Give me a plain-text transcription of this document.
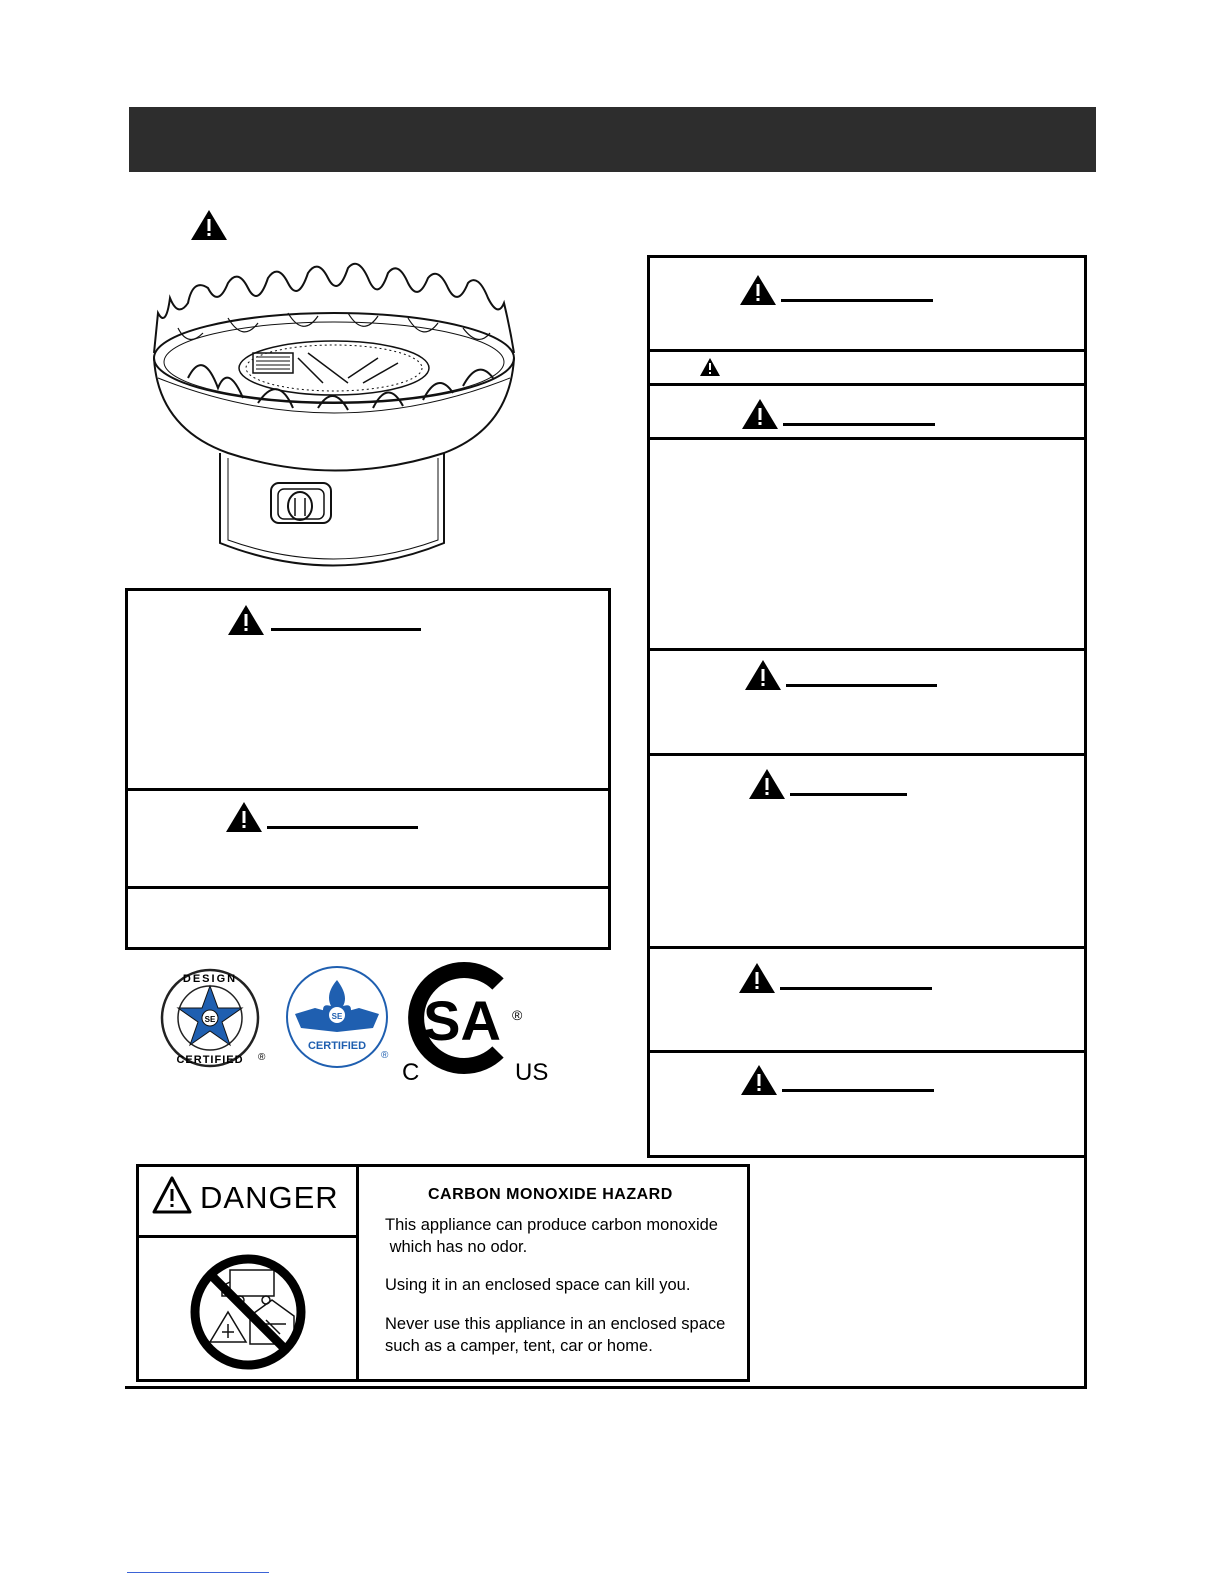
SE
DESIGN
CERTIFIED ®
SE
CERTIFIED
®
SA
C	US
®
DANGER	CARBON MONOXIDE HAZARD
This appliance can produce carbon monoxide
which has no odor.
Using it in an enclosed space can kill you.
Never use this appliance in an enclosed space
such as a camper, tent, car or home.
